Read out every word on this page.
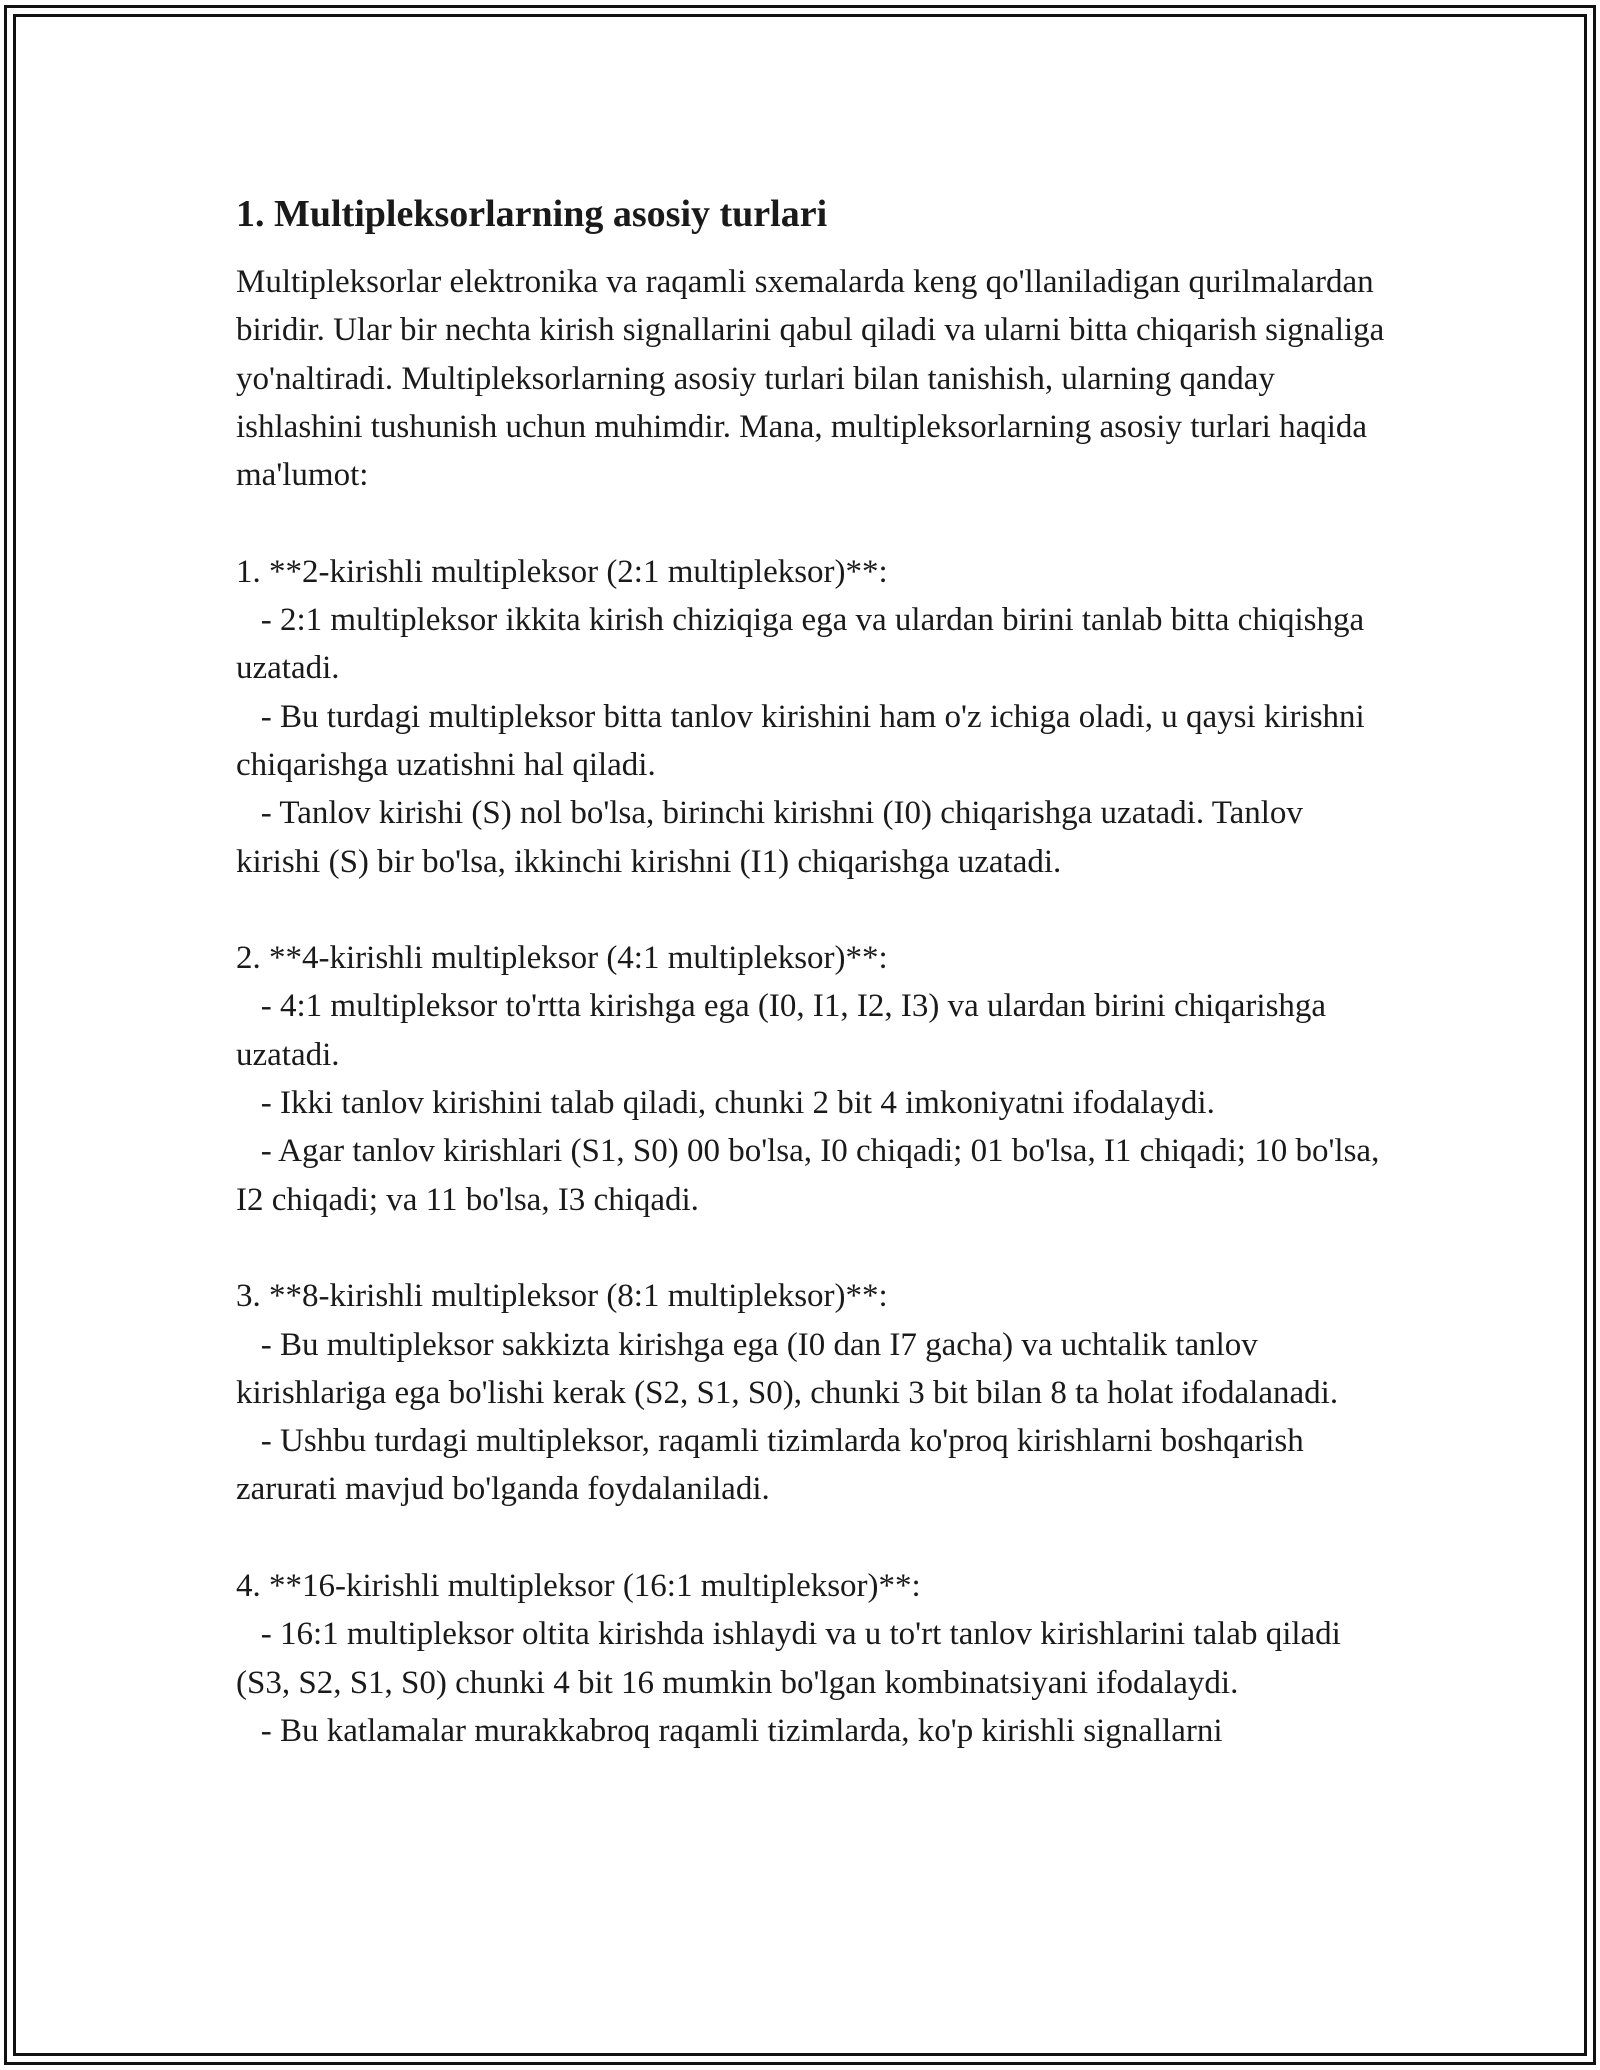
1. Multipleksorlarning asosiy turlari

Multipleksorlar elektronika va raqamli sxemalarda keng qo'llaniladigan qurilmalardan biridir. Ular bir nechta kirish signallarini qabul qiladi va ularni bitta chiqarish signaliga yo'naltiradi. Multipleksorlarning asosiy turlari bilan tanishish, ularning qanday ishlashini tushunish uchun muhimdir. Mana, multipleksorlarning asosiy turlari haqida ma'lumot:

1. **2-kirishli multipleksor (2:1 multipleksor)**:

- 2:1 multipleksor ikkita kirish chiziqiga ega va ulardan birini tanlab bitta chiqishga uzatadi.

- Bu turdagi multipleksor bitta tanlov kirishini ham o'z ichiga oladi, u qaysi kirishni chiqarishga uzatishni hal qiladi.

- Tanlov kirishi (S) nol bo'lsa, birinchi kirishni (I0) chiqarishga uzatadi. Tanlov kirishi (S) bir bo'lsa, ikkinchi kirishni (I1) chiqarishga uzatadi.

2. **4-kirishli multipleksor (4:1 multipleksor)**:

- 4:1 multipleksor to'rtta kirishga ega (I0, I1, I2, I3) va ulardan birini chiqarishga uzatadi.

- Ikki tanlov kirishini talab qiladi, chunki 2 bit 4 imkoniyatni ifodalaydi.

- Agar tanlov kirishlari (S1, S0) 00 bo'lsa, I0 chiqadi; 01 bo'lsa, I1 chiqadi; 10 bo'lsa, I2 chiqadi; va 11 bo'lsa, I3 chiqadi.

3. **8-kirishli multipleksor (8:1 multipleksor)**:

- Bu multipleksor sakkizta kirishga ega (I0 dan I7 gacha) va uchtalik tanlov kirishlariga ega bo'lishi kerak (S2, S1, S0), chunki 3 bit bilan 8 ta holat ifodalanadi.

- Ushbu turdagi multipleksor, raqamli tizimlarda ko'proq kirishlarni boshqarish zarurati mavjud bo'lganda foydalaniladi.

4. **16-kirishli multipleksor (16:1 multipleksor)**:

- 16:1 multipleksor oltita kirishda ishlaydi va u to'rt tanlov kirishlarini talab qiladi (S3, S2, S1, S0) chunki 4 bit 16 mumkin bo'lgan kombinatsiyani ifodalaydi.

- Bu katlamalar murakkabroq raqamli tizimlarda, ko'p kirishli signallarni
